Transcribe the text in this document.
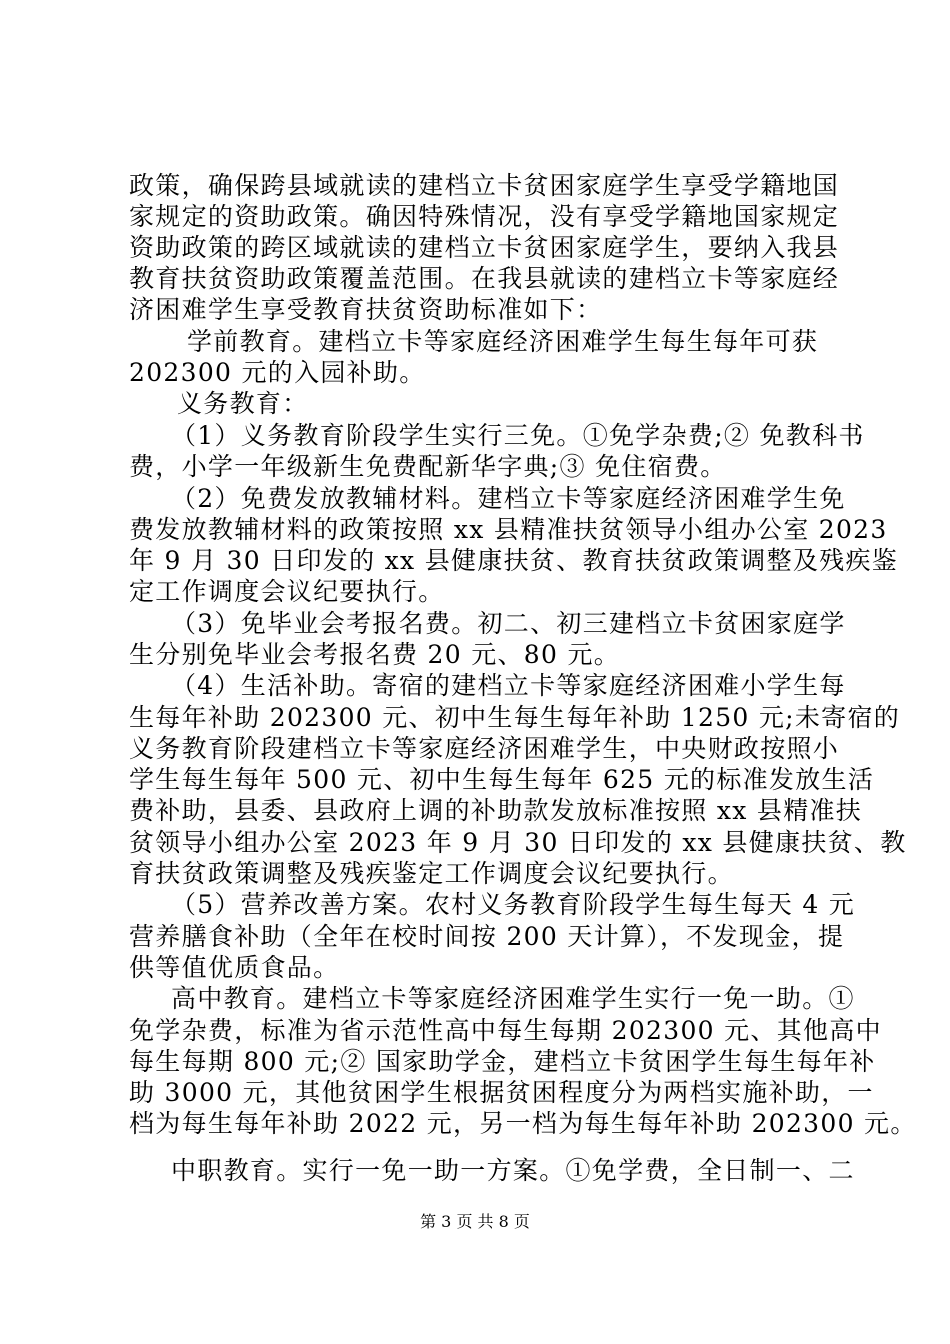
政策，确保跨县域就读的建档立卡贫困家庭学生享受学籍地国
家规定的资助政策。确因特殊情况，没有享受学籍地国家规定
资助政策的跨区域就读的建档立卡贫困家庭学生，要纳入我县
教育扶贫资助政策覆盖范围。在我县就读的建档立卡等家庭经
济困难学生享受教育扶贫资助标准如下：
学前教育。建档立卡等家庭经济困难学生每生每年可获
202300 元的入园补助。
义务教育：
（1）义务教育阶段学生实行三免。①免学杂费;② 免教科书
费，小学一年级新生免费配新华字典;③ 免住宿费。
（2）免费发放教辅材料。建档立卡等家庭经济困难学生免
费发放教辅材料的政策按照 xx 县精准扶贫领导小组办公室 2023
年 9 月 30 日印发的 xx 县健康扶贫、教育扶贫政策调整及残疾鉴
定工作调度会议纪要执行。
（3）免毕业会考报名费。初二、初三建档立卡贫困家庭学
生分别免毕业会考报名费 20 元、80 元。
（4）生活补助。寄宿的建档立卡等家庭经济困难小学生每
生每年补助 202300 元、初中生每生每年补助 1250 元;未寄宿的
义务教育阶段建档立卡等家庭经济困难学生，中央财政按照小
学生每生每年 500 元、初中生每生每年 625 元的标准发放生活
费补助，县委、县政府上调的补助款发放标准按照 xx 县精准扶
贫领导小组办公室 2023 年 9 月 30 日印发的 xx 县健康扶贫、教
育扶贫政策调整及残疾鉴定工作调度会议纪要执行。
（5）营养改善方案。农村义务教育阶段学生每生每天 4 元
营养膳食补助（全年在校时间按 200 天计算），不发现金，提
供等值优质食品。
高中教育。建档立卡等家庭经济困难学生实行一免一助。①
免学杂费，标准为省示范性高中每生每期 202300 元、其他高中
每生每期 800 元;② 国家助学金，建档立卡贫困学生每生每年补
助 3000 元，其他贫困学生根据贫困程度分为两档实施补助，一
档为每生每年补助 2022 元，另一档为每生每年补助 202300 元。
中职教育。实行一免一助一方案。①免学费，全日制一、二
第 3 页 共 8 页
